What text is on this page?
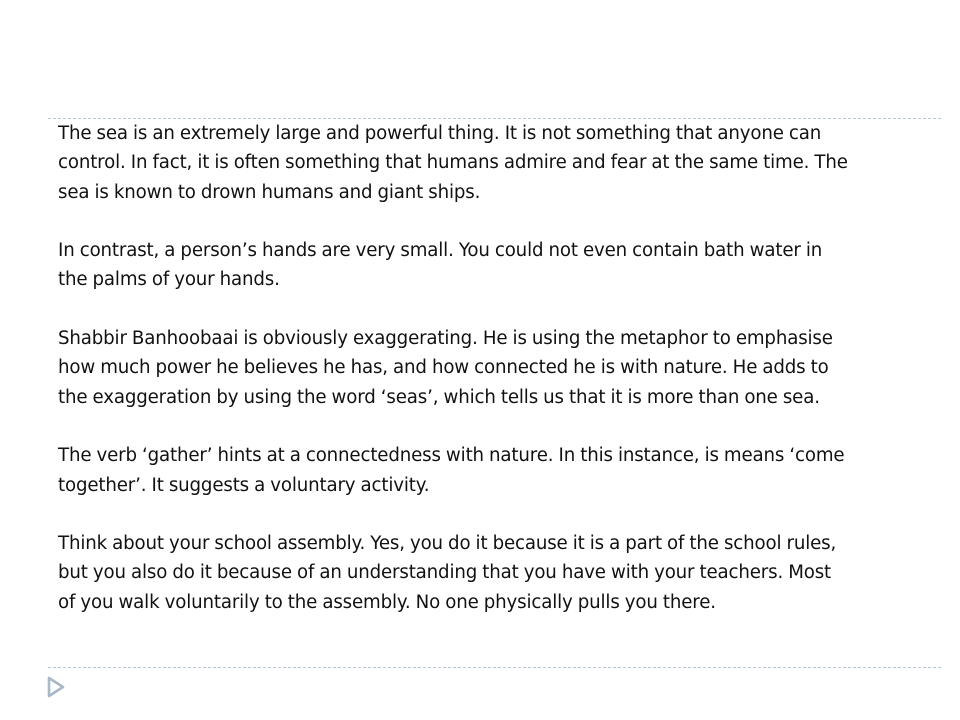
The sea is an extremely large and powerful thing. It is not something that anyone can
control. In fact, it is often something that humans admire and fear at the same time. The
sea is known to drown humans and giant ships.

In contrast, a person’s hands are very small. You could not even contain bath water in
the palms of your hands.

Shabbir Banhoobaai is obviously exaggerating. He is using the metaphor to emphasise
how much power he believes he has, and how connected he is with nature. He adds to
the exaggeration by using the word ‘seas’, which tells us that it is more than one sea.

The verb ‘gather’ hints at a connectedness with nature. In this instance, is means ‘come
together’. It suggests a voluntary activity.

Think about your school assembly. Yes, you do it because it is a part of the school rules,
but you also do it because of an understanding that you have with your teachers. Most
of you walk voluntarily to the assembly. No one physically pulls you there.
